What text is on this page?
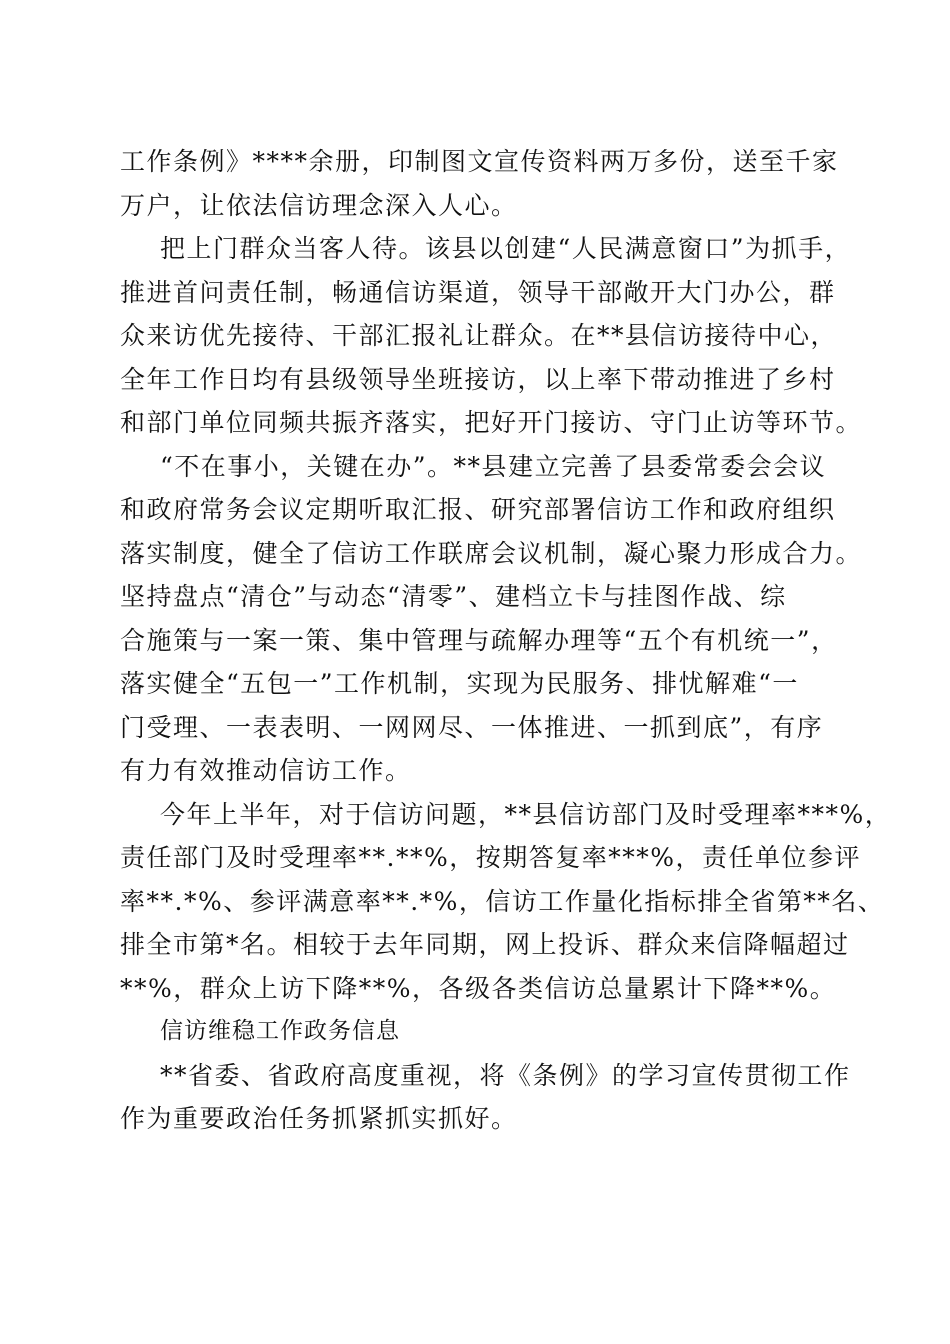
工作条例》****余册，印制图文宣传资料两万多份，送至千家
万户，让依法信访理念深入人心。
把上门群众当客人待。该县以创建“人民满意窗口”为抓手，
推进首问责任制，畅通信访渠道，领导干部敞开大门办公，群
众来访优先接待、干部汇报礼让群众。在**县信访接待中心，
全年工作日均有县级领导坐班接访，以上率下带动推进了乡村
和部门单位同频共振齐落实，把好开门接访、守门止访等环节。
“不在事小，关键在办”。**县建立完善了县委常委会会议
和政府常务会议定期听取汇报、研究部署信访工作和政府组织
落实制度，健全了信访工作联席会议机制，凝心聚力形成合力。
坚持盘点“清仓”与动态“清零”、建档立卡与挂图作战、综
合施策与一案一策、集中管理与疏解办理等“五个有机统一”，
落实健全“五包一”工作机制，实现为民服务、排忧解难“一
门受理、一表表明、一网网尽、一体推进、一抓到底”，有序
有力有效推动信访工作。
今年上半年，对于信访问题，**县信访部门及时受理率***%，
责任部门及时受理率**.**%，按期答复率***%，责任单位参评
率**.*%、参评满意率**.*%，信访工作量化指标排全省第**名、
排全市第*名。相较于去年同期，网上投诉、群众来信降幅超过
**%，群众上访下降**%，各级各类信访总量累计下降**%。
信访维稳工作政务信息
**省委、省政府高度重视，将《条例》的学习宣传贯彻工作
作为重要政治任务抓紧抓实抓好。
